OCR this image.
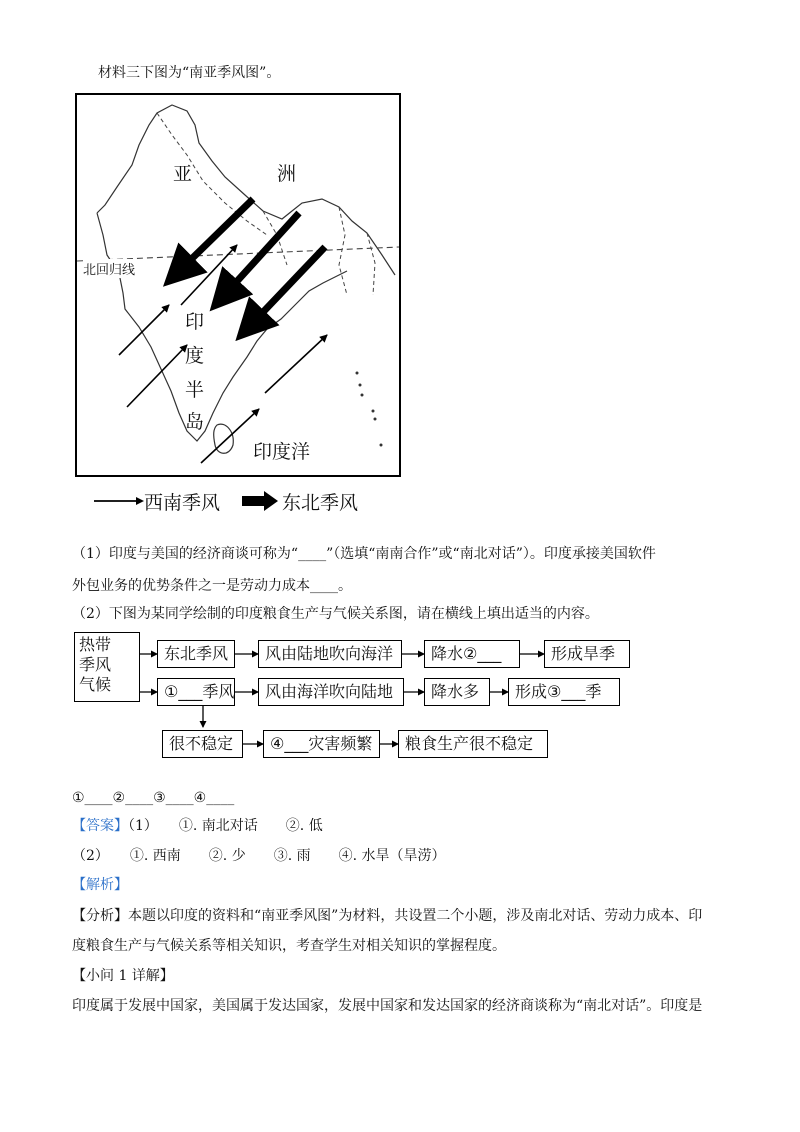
材料三下图为“南亚季风图”。
亚	洲
北回归线
印
度
半
岛
印度洋
西南季风	东北季风
（1）印度与美国的经济商谈可称为“____”（选填“南南合作”或“南北对话”）。印度承接美国软件
外包业务的优势条件之一是劳动力成本____。
（2）下图为某同学绘制的印度粮食生产与气候关系图，请在横线上填出适当的内容。
热带
季风
气候
东北季风	风由陆地吹向海洋	降水②___	形成旱季
①___季风	风由海洋吹向陆地	降水多	形成③___季
很不稳定	④___灾害频繁	粮食生产很不稳定
①____②____③____④____
【答案】（1）　　①. 南北对话　　②. 低
（2）　　①. 西南　　②. 少　　③. 雨　　④. 水旱（旱涝）
【解析】
【分析】本题以印度的资料和“南亚季风图”为材料，共设置二个小题，涉及南北对话、劳动力成本、印
度粮食生产与气候关系等相关知识，考查学生对相关知识的掌握程度。
【小问 1 详解】
印度属于发展中国家，美国属于发达国家，发展中国家和发达国家的经济商谈称为“南北对话”。印度是
